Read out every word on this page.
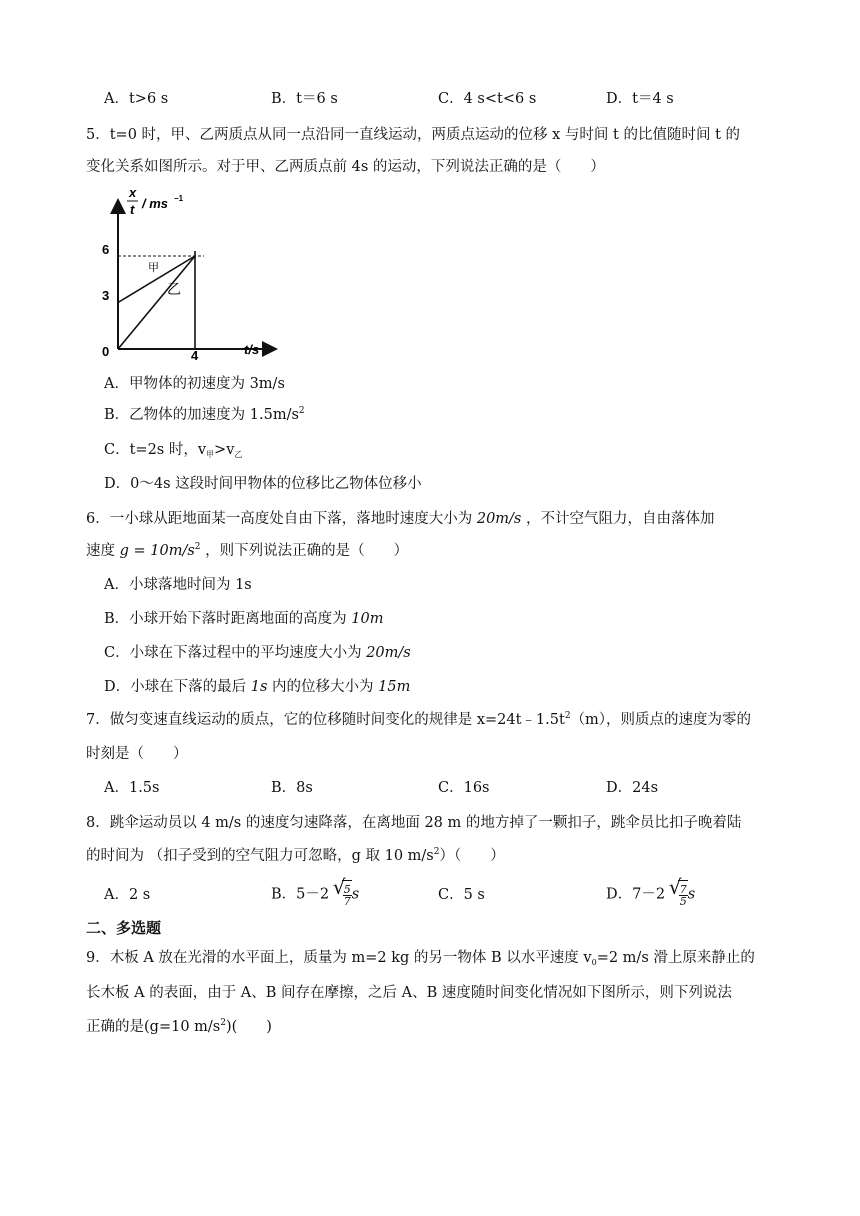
A．t>6 s	B．t＝6 s	C．4 s<t<6 s	D．t＝4 s
5．t=0 时，甲、乙两质点从同一点沿同一直线运动，两质点运动的位移 x 与时间 t 的比值随时间 t 的
变化关系如图所示。对于甲、乙两质点前 4s 的运动，下列说法正确的是（　　）
x
t / ms −1
6
3
0	4	t/s
甲
乙
A．甲物体的初速度为 3m/s
B．乙物体的加速度为 $1.5m/s^2$
C．t=2s 时，$v_甲>v_乙$
D．0～4s 这段时间甲物体的位移比乙物体位移小
6．一小球从距地面某一高度处自由下落，落地时速度大小为 20m/s ，不计空气阻力，自由落体加
速度 $g = 10m/s^2$ ，则下列说法正确的是（　　）
A．小球落地时间为 1s
B．小球开始下落时距离地面的高度为 10m
C．小球在下落过程中的平均速度大小为 20m/s
D．小球在下落的最后 1s 内的位移大小为 15m
7．做匀变速直线运动的质点，它的位移随时间变化的规律是 $x=24t﹣1.5t^2(m)$，则质点的速度为零的
时刻是（　　）
A．1.5s	B．8s	C．16s	D．24s
8．跳伞运动员以 4 m/s 的速度匀速降落，在离地面 28 m 的地方掉了一颗扣子，跳伞员比扣子晚着陆
的时间为 （扣子受到的空气阻力可忽略，g 取 10 $m/s^2$）（　　）
A．2 s	B．5－2 √ $\frac{5}{7}$ s	C．5 s	D．7－2 √ $\frac{7}{5}$ s
二、多选题
9．木板 A 放在光滑的水平面上，质量为 m=2 kg 的另一物体 B 以水平速度 $v_0=2$ m/s 滑上原来静止的
长木板 A 的表面，由于 A、B 间存在摩擦，之后 A、B 速度随时间变化情况如下图所示，则下列说法
正确的是(g=10 $m/s^2$)(　　)
